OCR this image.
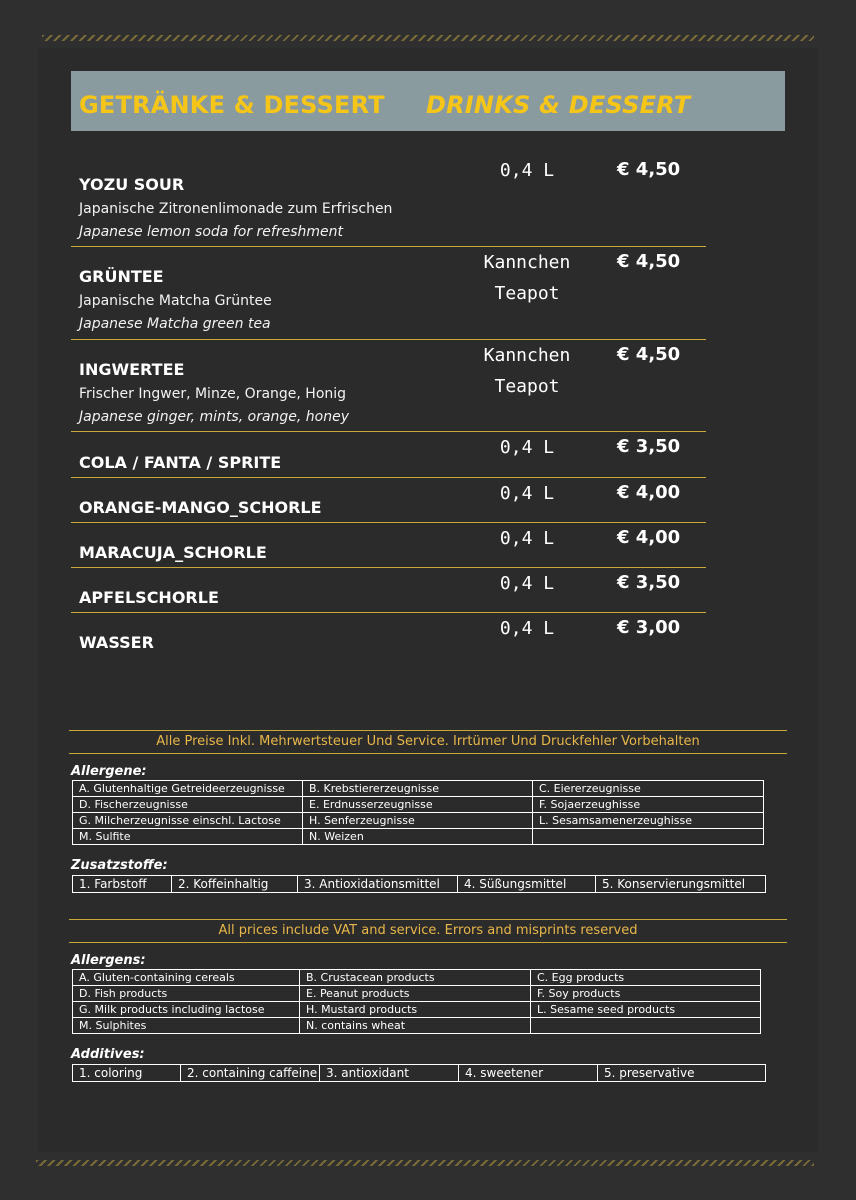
GETRÄNKE & DESSERT DRINKS & DESSERT
YOZU SOUR
Japanische Zitronenlimonade zum Erfrischen
Japanese lemon soda for refreshment
0,4 L	€ 4,50
GRÜNTEE
Japanische Matcha Grüntee
Japanese Matcha green tea
Kannchen
Teapot
€ 4,50
INGWERTEE
Frischer Ingwer, Minze, Orange, Honig
Japanese ginger, mints, orange, honey
Kannchen
Teapot
€ 4,50
COLA / FANTA / SPRITE
0,4 L	€ 3,50
ORANGE-MANGO_SCHORLE
0,4 L	€ 4,00
MARACUJA_SCHORLE
0,4 L	€ 4,00
APFELSCHORLE
0,4 L	€ 3,50
WASSER
0,4 L	€ 3,00
Alle Preise Inkl. Mehrwertsteuer Und Service. Irrtümer Und Druckfehler Vorbehalten
Allergene:
A. Glutenhaltige Getreideerzeugnisse	B. Krebstiererzeugnisse	C. Eiererzeugnisse
D. Fischerzeugnisse	E. Erdnusserzeugnisse	F. Sojaerzeughisse
G. Milcherzeugnisse einschl. Lactose	H. Senferzeugnisse	L. Sesamsamenerzeughisse
M. Sulfite	N. Weizen	
Zusatzstoffe:
1. Farbstoff	2. Koffeinhaltig	3. Antioxidationsmittel	4. Süßungsmittel	5. Konservierungsmittel
All prices include VAT and service. Errors and misprints reserved
Allergens:
A. Gluten-containing cereals	B. Crustacean products	C. Egg products
D. Fish products	E. Peanut products	F. Soy products
G. Milk products including lactose	H. Mustard products	L. Sesame seed products
M. Sulphites	N. contains wheat	
Additives:
1. coloring	2. containing caffeine	3. antioxidant	4. sweetener	5. preservative
